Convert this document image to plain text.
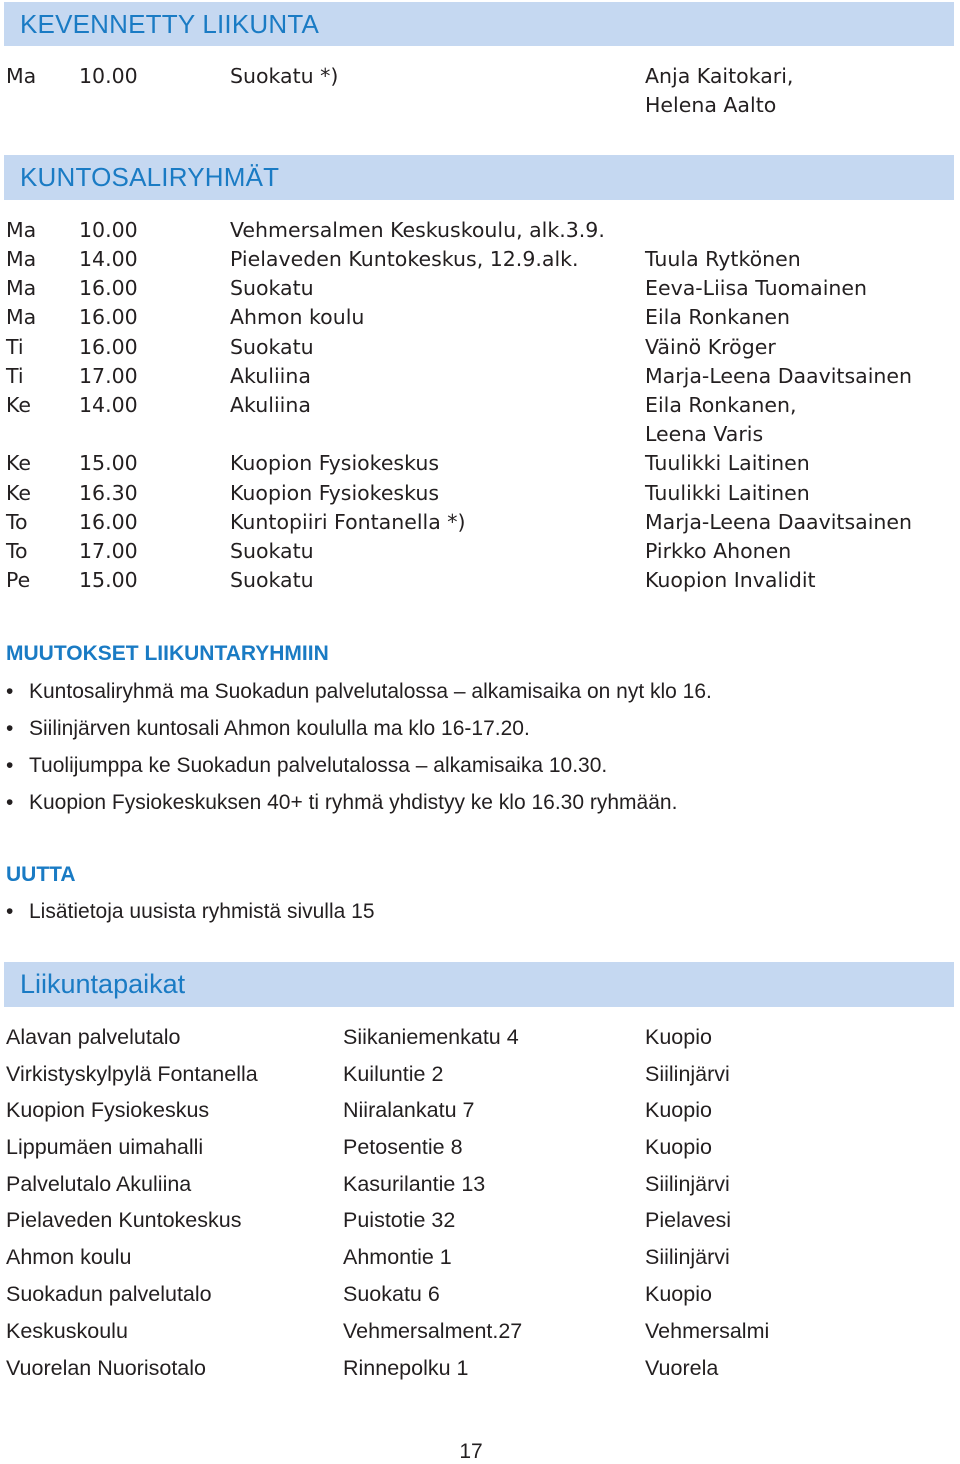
KEVENNETTY LIIKUNTA
Ma 10.00	Suokatu *)	Anja Kaitokari,
Helena Aalto
KUNTOSALIRYHMÄT
Ma 10.00	Vehmersalmen Keskuskoulu, alk.3.9.
Ma 14.00	Pielaveden Kuntokeskus, 12.9.alk.	Tuula Rytkönen
Ma 16.00	Suokatu	Eeva-Liisa Tuomainen
Ma 16.00	Ahmon koulu	Eila Ronkanen
Ti	16.00	Suokatu	Väinö Kröger
Ti	17.00	Akuliina	Marja-Leena Daavitsainen
Ke 14.00	Akuliina	Eila Ronkanen,
Leena Varis
Ke 15.00	Kuopion Fysiokeskus	Tuulikki Laitinen
Ke 16.30	Kuopion Fysiokeskus	Tuulikki Laitinen
To	16.00	Kuntopiiri Fontanella *)	Marja-Leena Daavitsainen
To	17.00	Suokatu	Pirkko Ahonen
Pe 15.00	Suokatu	Kuopion Invalidit
MUUTOKSET LIIKUNTARYHMIIN
• Kuntosaliryhmä ma Suokadun palvelutalossa – alkamisaika on nyt klo 16.
• Siilinjärven kuntosali Ahmon koululla ma klo 16-17.20.
• Tuolijumppa ke Suokadun palvelutalossa – alkamisaika 10.30.
• Kuopion Fysiokeskuksen 40+ ti ryhmä yhdistyy ke klo 16.30 ryhmään.
UUTTA
• Lisätietoja uusista ryhmistä sivulla 15
Liikuntapaikat
Alavan palvelutalo	Siikaniemenkatu 4	Kuopio
Virkistyskylpylä Fontanella	Kuiluntie 2	Siilinjärvi
Kuopion Fysiokeskus	Niiralankatu 7	Kuopio
Lippumäen uimahalli	Petosentie 8	Kuopio
Palvelutalo Akuliina	Kasurilantie 13	Siilinjärvi
Pielaveden Kuntokeskus	Puistotie 32	Pielavesi
Ahmon koulu	Ahmontie 1	Siilinjärvi
Suokadun palvelutalo	Suokatu 6	Kuopio
Keskuskoulu	Vehmersalment.27	Vehmersalmi
Vuorelan Nuorisotalo	Rinnepolku 1	Vuorela
17
